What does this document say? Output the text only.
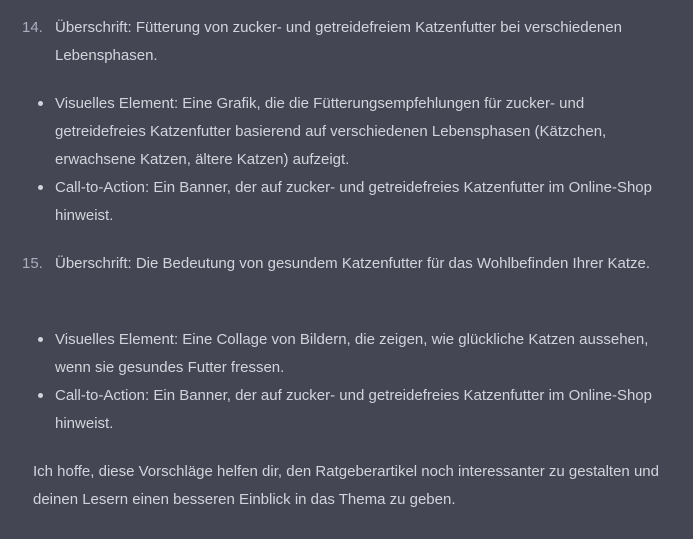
14. Überschrift: Fütterung von zucker- und getreidefreiem Katzenfutter bei verschiedenen Lebensphasen.
Visuelles Element: Eine Grafik, die die Fütterungsempfehlungen für zucker- und getreidefreies Katzenfutter basierend auf verschiedenen Lebensphasen (Kätzchen, erwachsene Katzen, ältere Katzen) aufzeigt.
Call-to-Action: Ein Banner, der auf zucker- und getreidefreies Katzenfutter im Online-Shop hinweist.
15. Überschrift: Die Bedeutung von gesundem Katzenfutter für das Wohlbefinden Ihrer Katze.
Visuelles Element: Eine Collage von Bildern, die zeigen, wie glückliche Katzen aussehen, wenn sie gesundes Futter fressen.
Call-to-Action: Ein Banner, der auf zucker- und getreidefreies Katzenfutter im Online-Shop hinweist.
Ich hoffe, diese Vorschläge helfen dir, den Ratgeberartikel noch interessanter zu gestalten und deinen Lesern einen besseren Einblick in das Thema zu geben.
